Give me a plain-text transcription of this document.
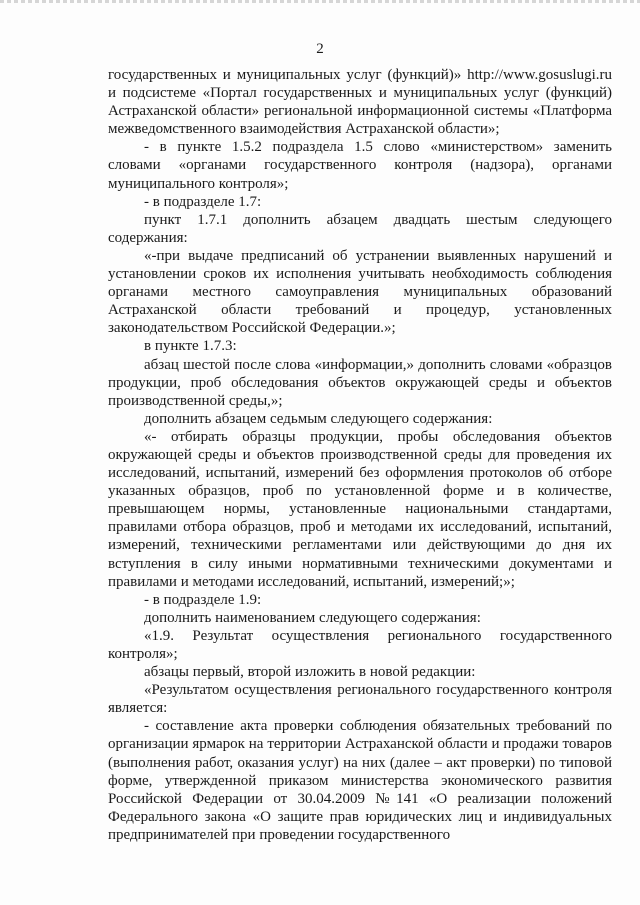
2

государственных и муниципальных услуг (функций)» http://www.gosuslugi.ru и подсистеме «Портал государственных и муниципальных услуг (функций) Астраханской области» региональной информационной системы «Платформа межведомственного взаимодействия Астраханской области»;

- в пункте 1.5.2 подраздела 1.5 слово «министерством» заменить словами «органами государственного контроля (надзора), органами муниципального контроля»;

- в подразделе 1.7:

пункт 1.7.1 дополнить абзацем двадцать шестым следующего содержания:

«-при выдаче предписаний об устранении выявленных нарушений и установлении сроков их исполнения учитывать необходимость соблюдения органами местного самоуправления муниципальных образований Астраханской области требований и процедур, установленных законодательством Российской Федерации.»;

в пункте 1.7.3:

абзац шестой после слова «информации,» дополнить словами «образцов продукции, проб обследования объектов окружающей среды и объектов производственной среды,»;

дополнить абзацем седьмым следующего содержания:

«- отбирать образцы продукции, пробы обследования объектов окружающей среды и объектов производственной среды для проведения их исследований, испытаний, измерений без оформления протоколов об отборе указанных образцов, проб по установленной форме и в количестве, превышающем нормы, установленные национальными стандартами, правилами отбора образцов, проб и методами их исследований, испытаний, измерений, техническими регламентами или действующими до дня их вступления в силу иными нормативными техническими документами и правилами и методами исследований, испытаний, измерений;»;

- в подразделе 1.9:

дополнить наименованием следующего содержания:

«1.9. Результат осуществления регионального государственного контроля»;

абзацы первый, второй изложить в новой редакции:

«Результатом осуществления регионального государственного контроля является:

- составление акта проверки соблюдения обязательных требований по организации ярмарок на территории Астраханской области и продажи товаров (выполнения работ, оказания услуг) на них (далее – акт проверки) по типовой форме, утвержденной приказом министерства экономического развития Российской Федерации от 30.04.2009 №141 «О реализации положений Федерального закона «О защите прав юридических лиц и индивидуальных предпринимателей при проведении государственного
